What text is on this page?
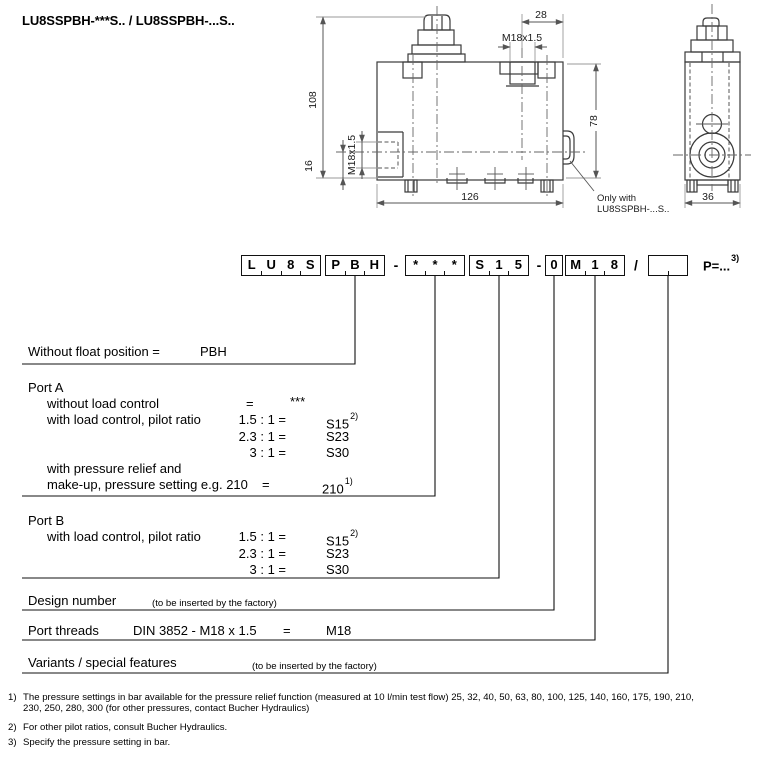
108
16	M18x1.5
28
M18x1.5
78
126	36
Only with
LU8SSPBH-...S..
LU8SSPBH-***S.. / LU8SSPBH-...S..
L U 8 S	P B H	-	*	*	*	S 1 5	- 0 M 1 8	/	P=...$^{3)}$
Without float position =	PBH
Port A
without load control	=	***
with load control, pilot ratio	1.5 : 1 =	S15$^{2)}$
2.3 : 1 =	S23
3 : 1 =	S30
with pressure relief and
make-up, pressure setting e.g. 210 =	210$^{1)}$
Port B
with load control, pilot ratio	1.5 : 1 =	S15$^{2)}$
2.3 : 1 =	S23
3 : 1 =	S30
Design number	(to be inserted by the factory)
Port threads	DIN 3852 - M18 x 1.5 =	M18
Variants / special features	(to be inserted by the factory)
1) The pressure settings in bar available for the pressure relief function (measured at 10 l/min test flow) 25, 32, 40, 50, 63, 80, 100, 125, 140, 160, 175, 190, 210,
230, 250, 280, 300 (for other pressures, contact Bucher Hydraulics)
2) For other pilot ratios, consult Bucher Hydraulics.
3) Specify the pressure setting in bar.
